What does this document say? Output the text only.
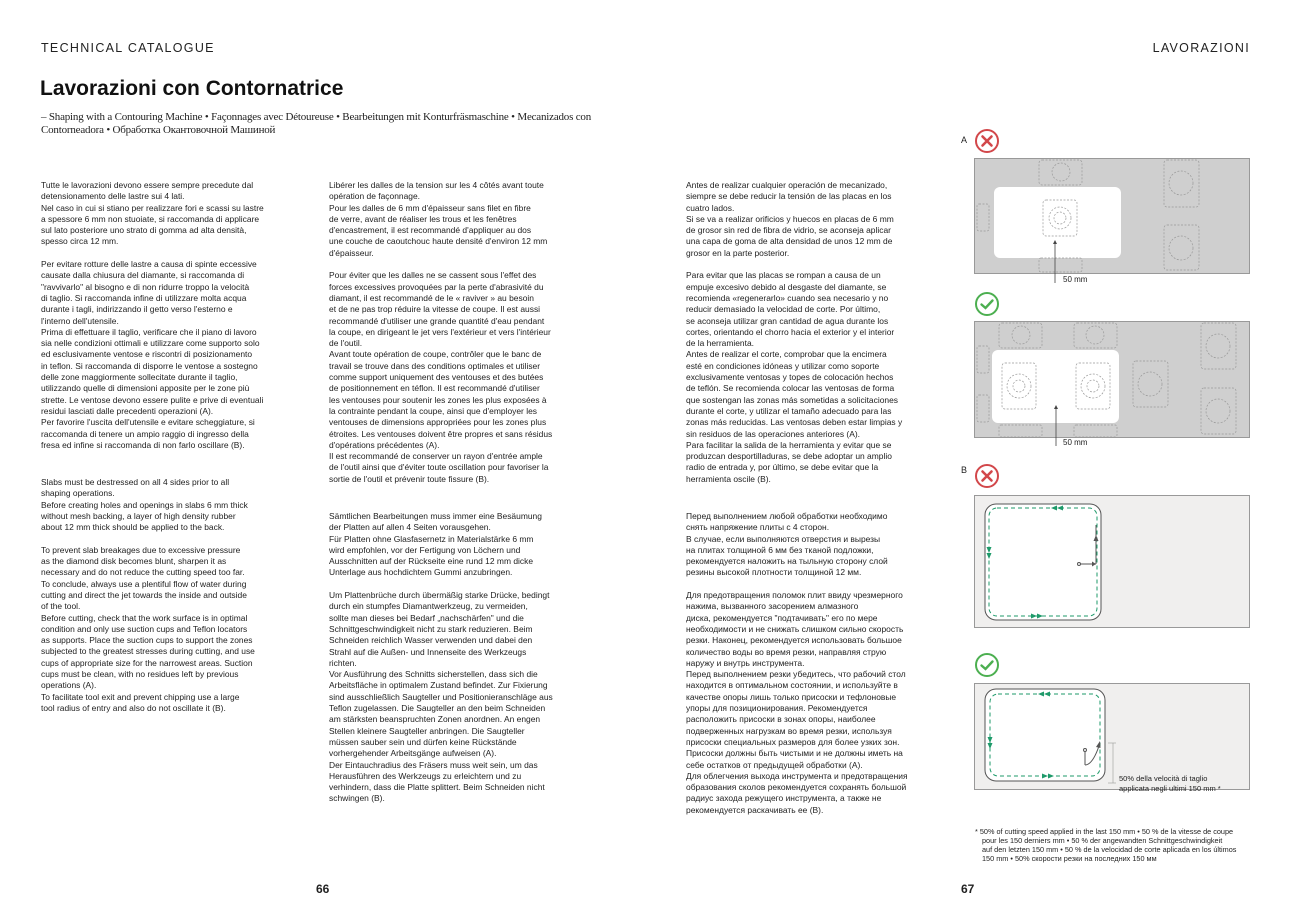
TECHNICAL CATALOGUE	LAVORAZIONI
Lavorazioni con Contornatrice
– Shaping with a Contouring Machine • Façonnages avec Détoureuse • Bearbeitungen mit Konturfräsmaschine • Mecanizados con Contorneadora • Обработка Окантовочной Машиной
Tutte le lavorazioni devono essere sempre precedute dal
detensionamento delle lastre sui 4 lati.
Nel caso in cui si stiano per realizzare fori e scassi su lastre
a spessore 6 mm non stuoiate, si raccomanda di applicare
sul lato posteriore uno strato di gomma ad alta densità,
spesso circa 12 mm.
Per evitare rotture delle lastre a causa di spinte eccessive
causate dalla chiusura del diamante, si raccomanda di
"ravvivarlo" al bisogno e di non ridurre troppo la velocità
di taglio. Si raccomanda infine di utilizzare molta acqua
durante i tagli, indirizzando il getto verso l'esterno e
l'interno dell'utensile.
Prima di effettuare il taglio, verificare che il piano di lavoro
sia nelle condizioni ottimali e utilizzare come supporto solo
ed esclusivamente ventose e riscontri di posizionamento
in teflon. Si raccomanda di disporre le ventose a sostegno
delle zone maggiormente sollecitate durante il taglio,
utilizzando quelle di dimensioni apposite per le zone più
strette. Le ventose devono essere pulite e prive di eventuali
residui lasciati dalle precedenti operazioni (A).
Per favorire l'uscita dell'utensile e evitare scheggiature, si
raccomanda di tenere un ampio raggio di ingresso della
fresa ed infine si raccomanda di non farlo oscillare (B).
Slabs must be destressed on all 4 sides prior to all
shaping operations.
Before creating holes and openings in slabs 6 mm thick
without mesh backing, a layer of high density rubber
about 12 mm thick should be applied to the back.
To prevent slab breakages due to excessive pressure
as the diamond disk becomes blunt, sharpen it as
necessary and do not reduce the cutting speed too far.
To conclude, always use a plentiful flow of water during
cutting and direct the jet towards the inside and outside
of the tool.
Before cutting, check that the work surface is in optimal
condition and only use suction cups and Teflon locators
as supports. Place the suction cups to support the zones
subjected to the greatest stresses during cutting, and use
cups of appropriate size for the narrowest areas. Suction
cups must be clean, with no residues left by previous
operations (A).
To facilitate tool exit and prevent chipping use a large
tool radius of entry and also do not oscillate it (B).
Libérer les dalles de la tension sur les 4 côtés avant toute
opération de façonnage.
Pour les dalles de 6 mm d'épaisseur sans filet en fibre
de verre, avant de réaliser les trous et les fenêtres
d'encastrement, il est recommandé d'appliquer au dos
une couche de caoutchouc haute densité d'environ 12 mm
d'épaisseur.
Pour éviter que les dalles ne se cassent sous l'effet des
forces excessives provoquées par la perte d'abrasivité du
diamant, il est recommandé de le « raviver » au besoin
et de ne pas trop réduire la vitesse de coupe. Il est aussi
recommandé d'utiliser une grande quantité d'eau pendant
la coupe, en dirigeant le jet vers l'extérieur et vers l'intérieur
de l'outil.
Avant toute opération de coupe, contrôler que le banc de
travail se trouve dans des conditions optimales et utiliser
comme support uniquement des ventouses et des butées
de positionnement en téflon. Il est recommandé d'utiliser
les ventouses pour soutenir les zones les plus exposées à
la contrainte pendant la coupe, ainsi que d'employer les
ventouses de dimensions appropriées pour les zones plus
étroites. Les ventouses doivent être propres et sans résidus
d'opérations précédentes (A).
Il est recommandé de conserver un rayon d'entrée ample
de l'outil ainsi que d'éviter toute oscillation pour favoriser la
sortie de l'outil et prévenir toute fissure (B).
Sämtlichen Bearbeitungen muss immer eine Besäumung
der Platten auf allen 4 Seiten vorausgehen.
Für Platten ohne Glasfasernetz in Materialstärke 6 mm
wird empfohlen, vor der Fertigung von Löchern und
Ausschnitten auf der Rückseite eine rund 12 mm dicke
Unterlage aus hochdichtem Gummi anzubringen.
Um Plattenbrüche durch übermäßig starke Drücke, bedingt
durch ein stumpfes Diamantwerkzeug, zu vermeiden,
sollte man dieses bei Bedarf „nachschärfen" und die
Schnittgeschwindigkeit nicht zu stark reduzieren. Beim
Schneiden reichlich Wasser verwenden und dabei den
Strahl auf die Außen- und Innenseite des Werkzeugs
richten.
Vor Ausführung des Schnitts sicherstellen, dass sich die
Arbeitsfläche in optimalem Zustand befindet. Zur Fixierung
sind ausschließlich Saugteller und Positionieranschläge aus
Teflon zugelassen. Die Saugteller an den beim Schneiden
am stärksten beanspruchten Zonen anordnen. An engen
Stellen kleinere Saugteller anbringen. Die Saugteller
müssen sauber sein und dürfen keine Rückstände
vorhergehender Arbeitsgänge aufweisen (A).
Der Eintauchradius des Fräsers muss weit sein, um das
Herausführen des Werkzeugs zu erleichtern und zu
verhindern, dass die Platte splittert. Beim Schneiden nicht
schwingen (B).
Antes de realizar cualquier operación de mecanizado,
siempre se debe reducir la tensión de las placas en los
cuatro lados.
Si se va a realizar orificios y huecos en placas de 6 mm
de grosor sin red de fibra de vidrio, se aconseja aplicar
una capa de goma de alta densidad de unos 12 mm de
grosor en la parte posterior.
Para evitar que las placas se rompan a causa de un
empuje excesivo debido al desgaste del diamante, se
recomienda «regenerarlo» cuando sea necesario y no
reducir demasiado la velocidad de corte. Por último,
se aconseja utilizar gran cantidad de agua durante los
cortes, orientando el chorro hacia el exterior y el interior
de la herramienta.
Antes de realizar el corte, comprobar que la encimera
esté en condiciones idóneas y utilizar como soporte
exclusivamente ventosas y topes de colocación hechos
de teflón. Se recomienda colocar las ventosas de forma
que sostengan las zonas más sometidas a solicitaciones
durante el corte, y utilizar el tamaño adecuado para las
zonas más reducidas. Las ventosas deben estar limpias y
sin residuos de las operaciones anteriores (A).
Para facilitar la salida de la herramienta y evitar que se
produzcan desportilladuras, se debe adoptar un amplio
radio de entrada y, por último, se debe evitar que la
herramienta oscile (B).
Перед выполнением любой обработки необходимо
снять напряжение плиты с 4 сторон.
В случае, если выполняются отверстия и вырезы
на плитах толщиной 6 мм без тканой подложки,
рекомендуется наложить на тыльную сторону слой
резины высокой плотности толщиной 12 мм.
Для предотвращения поломок плит ввиду чрезмерного
нажима, вызванного засорением алмазного
диска, рекомендуется "подтачивать" его по мере
необходимости и не снижать слишком сильно скорость
резки. Наконец, рекомендуется использовать большое
количество воды во время резки, направляя струю
наружу и внутрь инструмента.
Перед выполнением резки убедитесь, что рабочий стол
находится в оптимальном состоянии, и используйте в
качестве опоры лишь только присоски и тефлоновые
упоры для позиционирования. Рекомендуется
расположить присоски в зонах опоры, наиболее
подверженных нагрузкам во время резки, используя
присоски специальных размеров для более узких зон.
Присоски должны быть чистыми и не должны иметь на
себе остатков от предыдущей обработки (A).
Для облегчения выхода инструмента и предотвращения
образования сколов рекомендуется сохранять большой
радиус захода режущего инструмента, а также не
рекомендуется раскачивать ее (B).
A
50 mm
50 mm
B
50% della velocità di taglio
applicata negli ultimi 150 mm *
* 50% of cutting speed applied in the last 150 mm • 50 % de la vitesse de coupe
pour les 150 derniers mm • 50 % der angewandten Schnittgeschwindigkeit
auf den letzten 150 mm • 50 % de la velocidad de corte aplicada en los últimos
150 mm • 50% скорости резки на последних 150 мм
66	67
